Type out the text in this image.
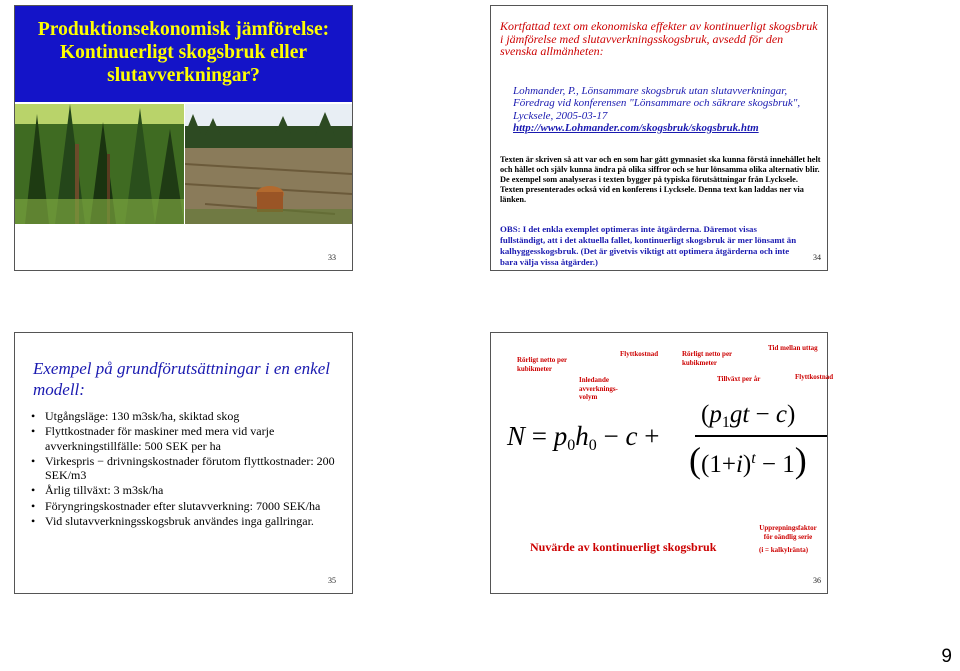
Produktionsekonomisk jämförelse: Kontinuerligt skogsbruk eller slutavverkningar?
33
Kortfattad text om ekonomiska effekter av kontinuerligt skogsbruk i jämförelse med slutavverkningsskogsbruk, avsedd för den svenska allmänheten:
Lohmander, P., Lönsammare skogsbruk utan slutavverkningar, Föredrag vid konferensen "Lönsammare och säkrare skogsbruk", Lycksele, 2005-03-17
http://www.Lohmander.com/skogsbruk/skogsbruk.htm
Texten är skriven så att var och en som har gått gymnasiet ska kunna förstå innehållet helt och hållet och själv kunna ändra på olika siffror och se hur lönsamma olika alternativ blir. De exempel som analyseras i texten bygger på typiska förutsättningar från Lycksele. Texten presenterades också vid en konferens i Lycksele. Denna text kan laddas ner via länken.
OBS: I det enkla exemplet optimeras inte åtgärderna. Däremot visas fullständigt, att i det aktuella fallet, kontinuerligt skogsbruk är mer lönsamt än kalhyggesskogsbruk. (Det är givetvis viktigt att optimera åtgärderna och inte bara välja vissa åtgärder.)	34
Exempel på grundförutsättningar i en enkel modell:
• Utgångsläge: 130 m3sk/ha, skiktad skog
• Flyttkostnader för maskiner med mera vid varje avverkningstillfälle: 500 SEK per ha
• Virkespris − drivningskostnader förutom flyttkostnader: 200 SEK/m3
• Årlig tillväxt: 3 m3sk/ha
• Föryngringskostnader efter slutavverkning: 7000 SEK/ha
• Vid slutavverkningsskogsbruk användes inga gallringar.
35
Rörligt netto per kubikmeter
Inledande avverknings-volym
Flyttkostnad	Rörligt netto per kubikmeter
Tillväxt per år
Tid mellan uttag
Flyttkostnad
Upprepningsfaktor för oändlig serie
(i = kalkylränta)
$N = p_0h_0 - c$ +
$(p_1gt - c)$
$((1+i)^t - 1)$
Nuvärde av kontinuerligt skogsbruk
36
9
